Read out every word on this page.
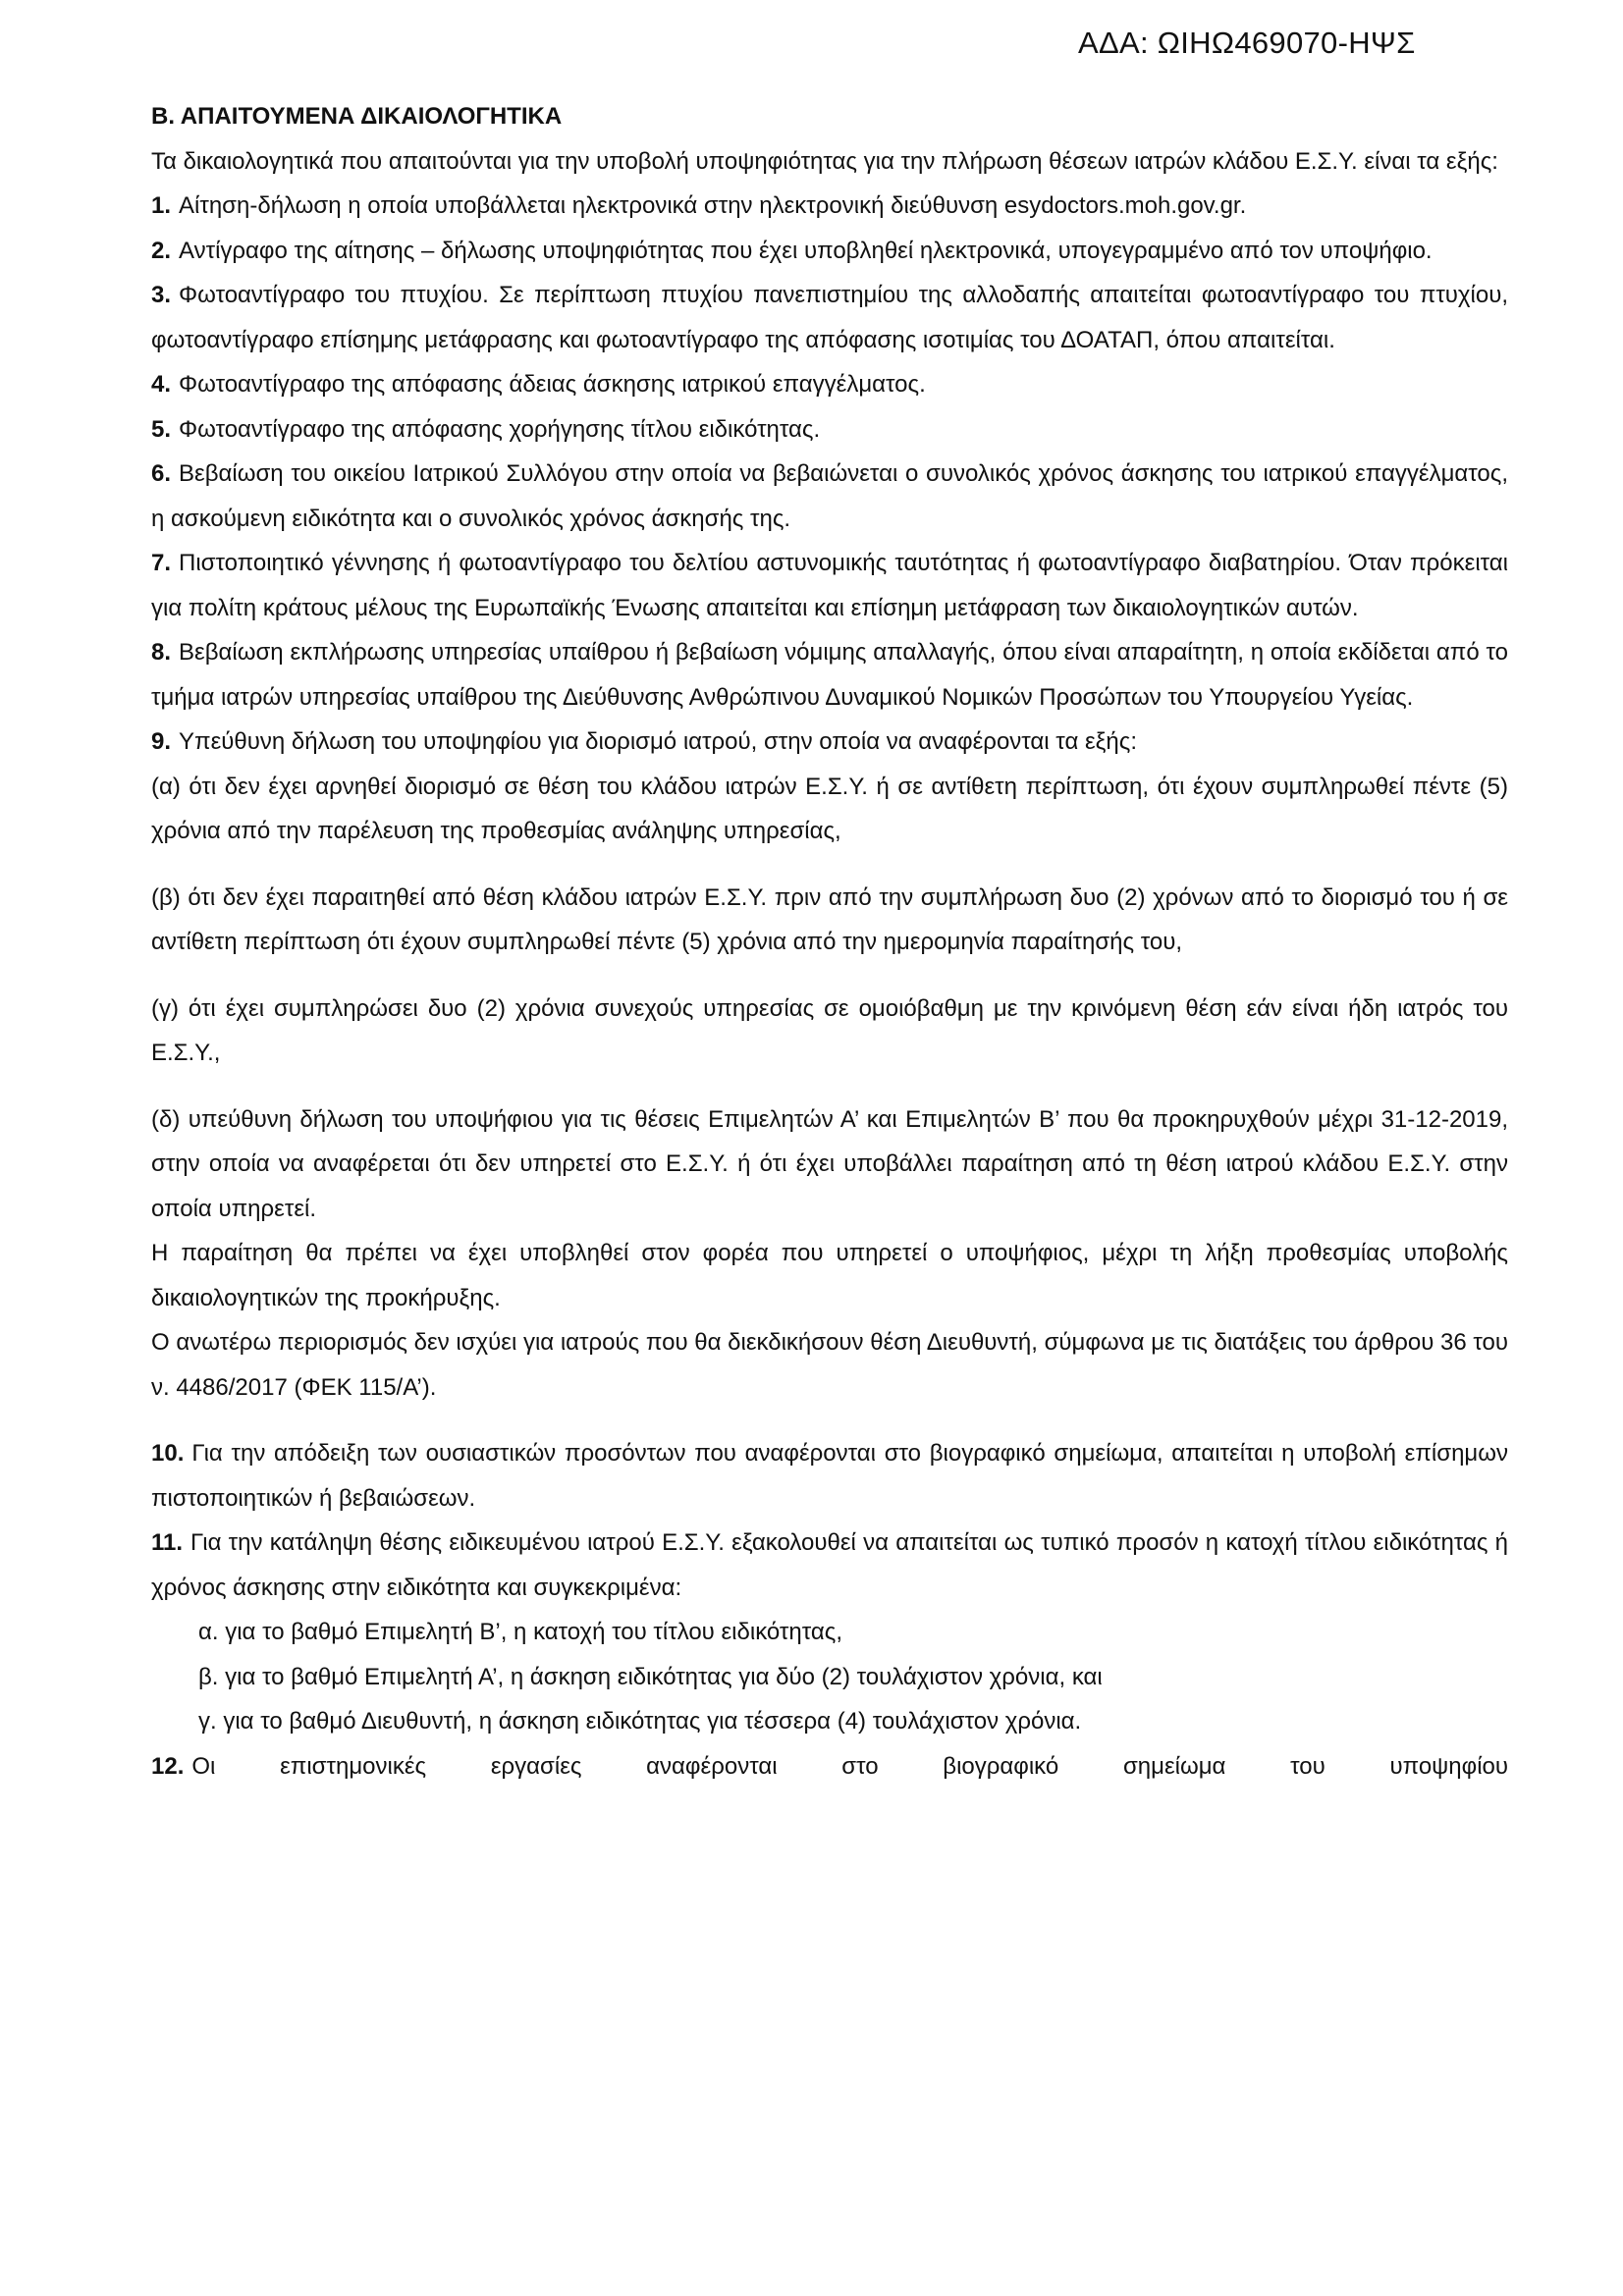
ΑΔΑ: ΩΙΗΩ469070-ΗΨΣ

Β. ΑΠΑΙΤΟΥΜΕΝΑ ΔΙΚΑΙΟΛΟΓΗΤΙΚΑ

Τα δικαιολογητικά που απαιτούνται για την υποβολή υποψηφιότητας για την πλήρωση θέσεων ιατρών κλάδου Ε.Σ.Υ. είναι τα εξής:

1. Αίτηση-δήλωση η οποία υποβάλλεται ηλεκτρονικά στην ηλεκτρονική διεύθυνση esydoctors.moh.gov.gr.

2. Αντίγραφο της αίτησης – δήλωσης υποψηφιότητας που έχει υποβληθεί ηλεκτρονικά, υπογεγραμμένο από τον υποψήφιο.

3. Φωτοαντίγραφο του πτυχίου. Σε περίπτωση πτυχίου πανεπιστημίου της αλλοδαπής απαιτείται φωτοαντίγραφο του πτυχίου, φωτοαντίγραφο επίσημης μετάφρασης και φωτοαντίγραφο της απόφασης ισοτιμίας του ΔΟΑΤΑΠ, όπου απαιτείται.

4. Φωτοαντίγραφο της απόφασης άδειας άσκησης ιατρικού επαγγέλματος.

5. Φωτοαντίγραφο της απόφασης χορήγησης τίτλου ειδικότητας.

6. Βεβαίωση του οικείου Ιατρικού Συλλόγου στην οποία να βεβαιώνεται ο συνολικός χρόνος άσκησης του ιατρικού επαγγέλματος, η ασκούμενη ειδικότητα και ο συνολικός χρόνος άσκησής της.

7. Πιστοποιητικό γέννησης ή φωτοαντίγραφο του δελτίου αστυνομικής ταυτότητας ή φωτοαντίγραφο διαβατηρίου. Όταν πρόκειται για πολίτη κράτους μέλους της Ευρωπαϊκής Ένωσης απαιτείται και επίσημη μετάφραση των δικαιολογητικών αυτών.

8. Βεβαίωση εκπλήρωσης υπηρεσίας υπαίθρου ή βεβαίωση νόμιμης απαλλαγής, όπου είναι απαραίτητη, η οποία εκδίδεται από το τμήμα ιατρών υπηρεσίας υπαίθρου της Διεύθυνσης Ανθρώπινου Δυναμικού Νομικών Προσώπων του Υπουργείου Υγείας.

9. Υπεύθυνη δήλωση του υποψηφίου για διορισμό ιατρού, στην οποία να αναφέρονται τα εξής:

(α) ότι δεν έχει αρνηθεί διορισμό σε θέση του κλάδου ιατρών Ε.Σ.Υ. ή σε αντίθετη περίπτωση, ότι έχουν συμπληρωθεί πέντε (5) χρόνια από την παρέλευση της προθεσμίας ανάληψης υπηρεσίας,

(β) ότι δεν έχει παραιτηθεί από θέση κλάδου ιατρών Ε.Σ.Υ. πριν από την συμπλήρωση δυο (2) χρόνων από το διορισμό του ή σε αντίθετη περίπτωση ότι έχουν συμπληρωθεί πέντε (5) χρόνια από την ημερομηνία παραίτησής του,

(γ) ότι έχει συμπληρώσει δυο (2) χρόνια συνεχούς υπηρεσίας σε ομοιόβαθμη με την κρινόμενη θέση εάν είναι ήδη ιατρός του Ε.Σ.Υ.,

(δ) υπεύθυνη δήλωση του υποψήφιου για τις θέσεις Επιμελητών Α’ και Επιμελητών Β’ που θα προκηρυχθούν μέχρι 31-12-2019, στην οποία να αναφέρεται ότι δεν υπηρετεί στο Ε.Σ.Υ. ή ότι έχει υποβάλλει παραίτηση από τη θέση ιατρού κλάδου Ε.Σ.Υ. στην οποία υπηρετεί.

Η παραίτηση θα πρέπει να έχει υποβληθεί στον φορέα που υπηρετεί ο υποψήφιος, μέχρι τη λήξη προθεσμίας υποβολής δικαιολογητικών της προκήρυξης.

Ο ανωτέρω περιορισμός δεν ισχύει για ιατρούς που θα διεκδικήσουν θέση Διευθυντή, σύμφωνα με τις διατάξεις του άρθρου 36 του ν. 4486/2017 (ΦΕΚ 115/Α’).

10. Για την απόδειξη των ουσιαστικών προσόντων που αναφέρονται στο βιογραφικό σημείωμα, απαιτείται η υποβολή επίσημων πιστοποιητικών ή βεβαιώσεων.

11. Για την κατάληψη θέσης ειδικευμένου ιατρού Ε.Σ.Υ. εξακολουθεί να απαιτείται ως τυπικό προσόν η κατοχή τίτλου ειδικότητας ή χρόνος άσκησης στην ειδικότητα και συγκεκριμένα:

α. για το βαθμό Επιμελητή Β’, η κατοχή του τίτλου ειδικότητας,

β. για το βαθμό Επιμελητή Α’, η άσκηση ειδικότητας για δύο (2) τουλάχιστον χρόνια, και

γ. για το βαθμό Διευθυντή, η άσκηση ειδικότητας για τέσσερα (4) τουλάχιστον χρόνια.

12. Οι επιστημονικές εργασίες αναφέρονται στο βιογραφικό σημείωμα του υποψηφίου
